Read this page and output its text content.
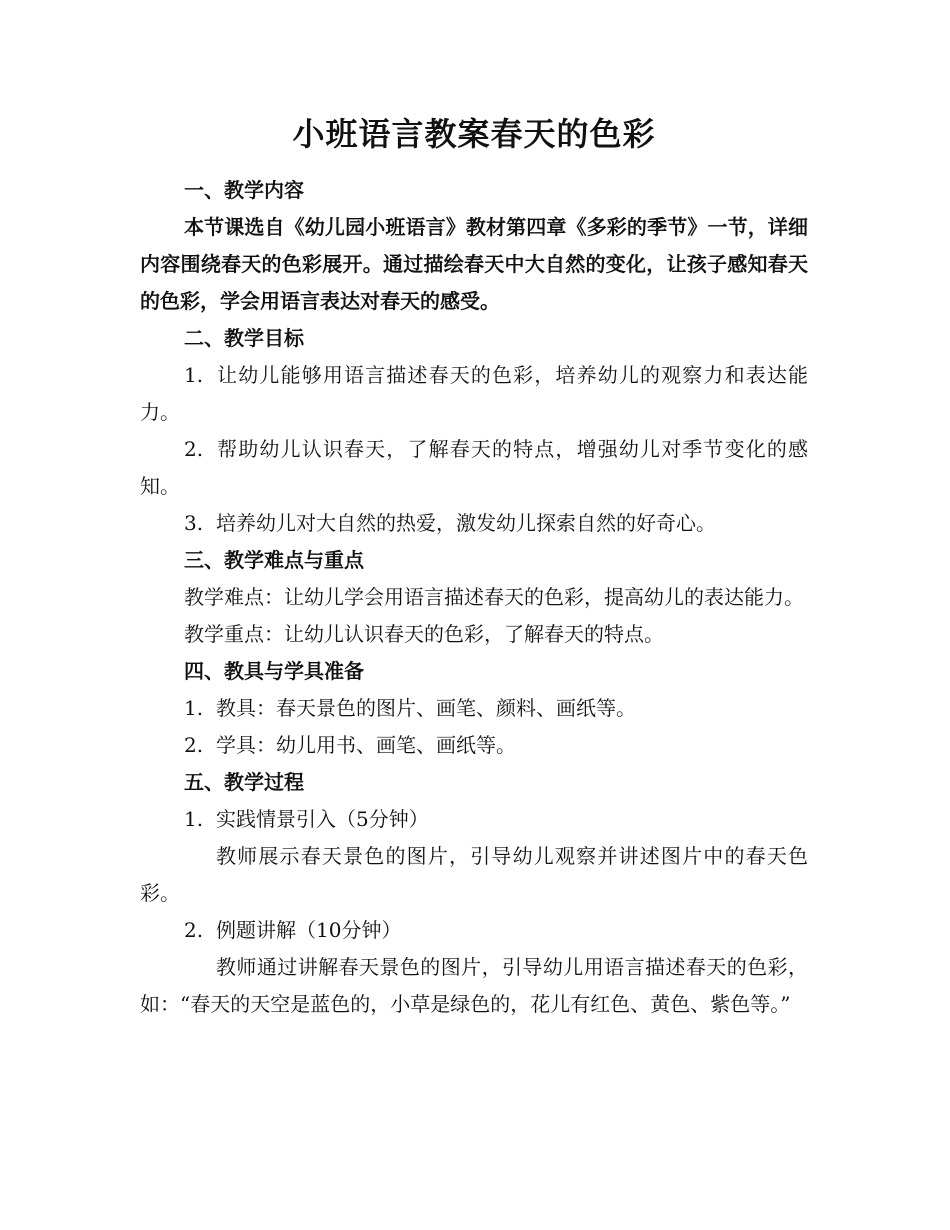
小班语言教案春天的色彩

一、教学内容

本节课选自《幼儿园小班语言》教材第四章《多彩的季节》一节，详细内容围绕春天的色彩展开。通过描绘春天中大自然的变化，让孩子感知春天的色彩，学会用语言表达对春天的感受。

二、教学目标

1. 让幼儿能够用语言描述春天的色彩，培养幼儿的观察力和表达能力。

2. 帮助幼儿认识春天，了解春天的特点，增强幼儿对季节变化的感知。

3. 培养幼儿对大自然的热爱，激发幼儿探索自然的好奇心。

三、教学难点与重点

教学难点：让幼儿学会用语言描述春天的色彩，提高幼儿的表达能力。

教学重点：让幼儿认识春天的色彩，了解春天的特点。

四、教具与学具准备

1. 教具：春天景色的图片、画笔、颜料、画纸等。

2. 学具：幼儿用书、画笔、画纸等。

五、教学过程

1. 实践情景引入（5分钟）

教师展示春天景色的图片，引导幼儿观察并讲述图片中的春天色彩。

2. 例题讲解（10分钟）

教师通过讲解春天景色的图片，引导幼儿用语言描述春天的色彩，如：“春天的天空是蓝色的，小草是绿色的，花儿有红色、黄色、紫色等。”
